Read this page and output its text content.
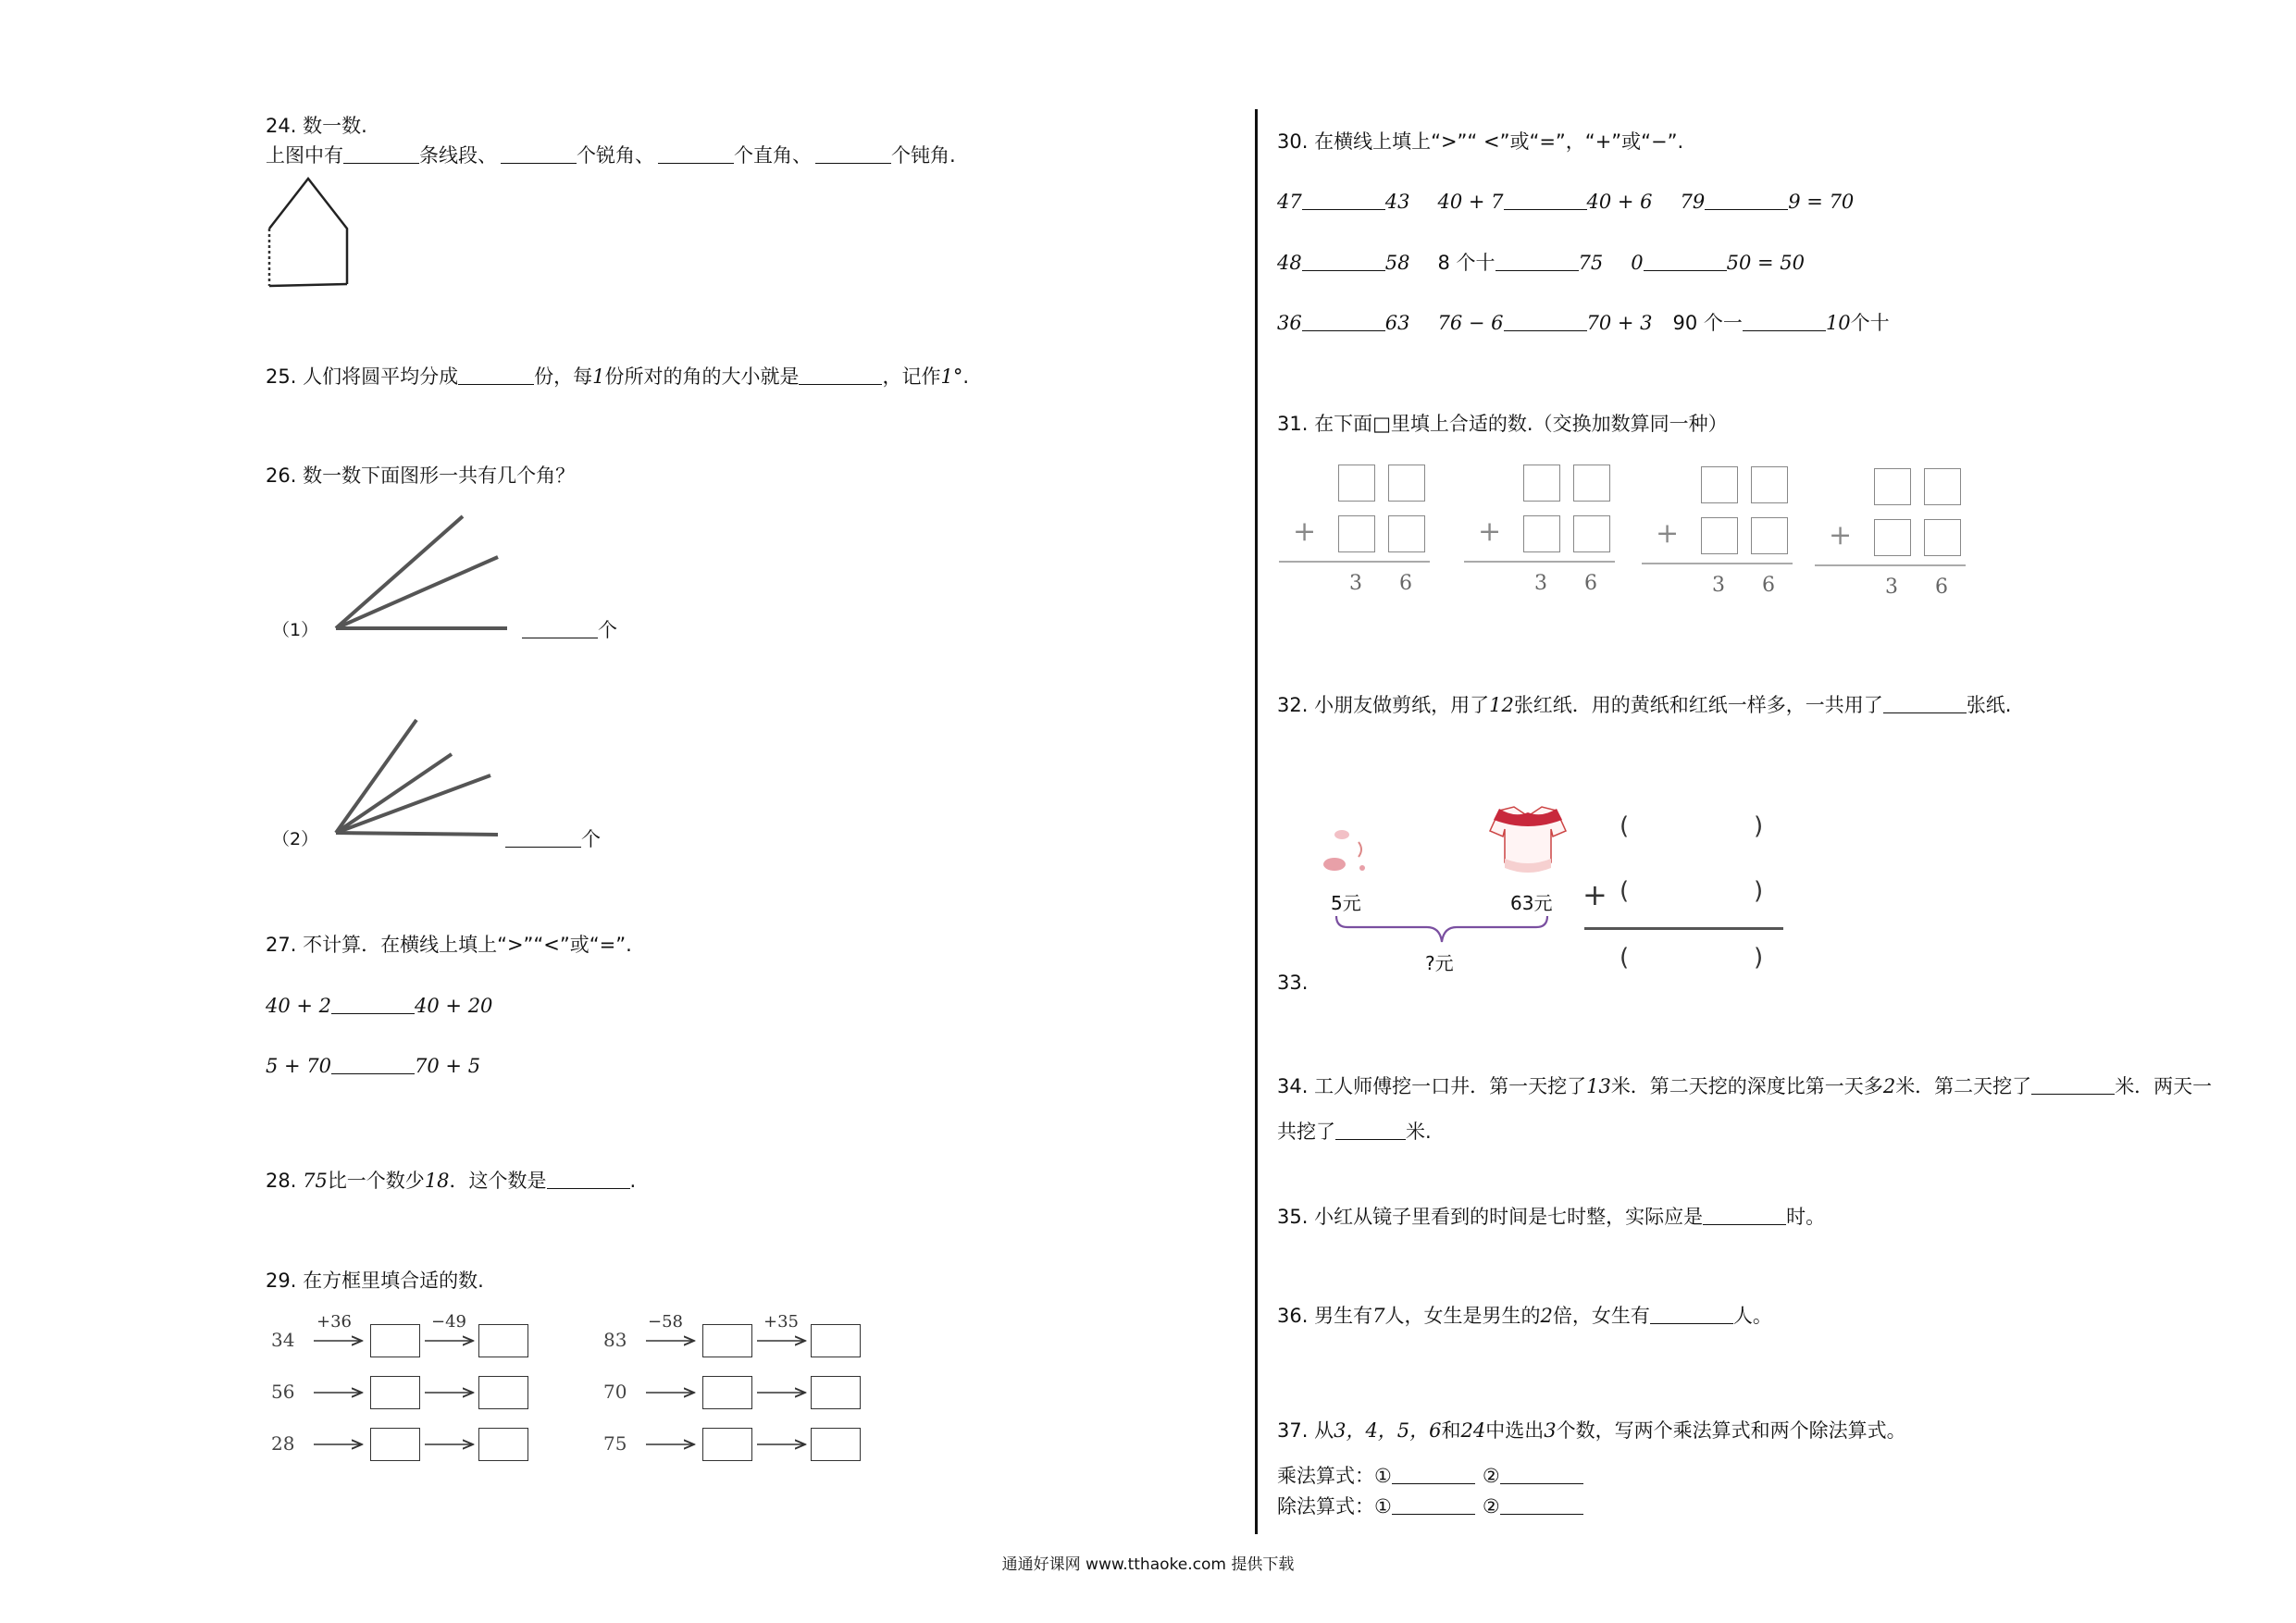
24. 数一数.
上图中有	条线段、	个锐角、	个直角、	个钝角.
25. 人们将圆平均分成	份，每1份所对的角的大小就是	，记作1°.
26. 数一数下面图形一共有几个角？
（1）	个
（2）	个
27. 不计算．在横线上填上“>”“<”或“=”.
40 + 2	40 + 20
5 + 70	70 + 5
28. 75比一个数少18．这个数是	.
29. 在方框里填合适的数.
+36	−49
34
56
28
−58	+35
83
70
75
30. 在横线上填上“>”“ <”或“=”，“+”或“−”.
47	43 40 + 7	40 + 6 79	9 = 70
48	58 8 个十	75 0	50 = 50
36	63 76 − 6	70 + 3 90 个一	10个十
31. 在下面□里填上合适的数.（交换加数算同一种）
+
3 6
+
3 6
+
3 6
+
3 6
32. 小朋友做剪纸，用了12张红纸．用的黄纸和红纸一样多，一共用了	张纸.
33.
5元	63元
?元
(	)
+ (	)
(	)
34. 工人师傅挖一口井．第一天挖了13米．第二天挖的深度比第一天多2米．第二天挖了	米．两天一
共挖了	米.
35. 小红从镜子里看到的时间是七时整，实际应是	时。
36. 男生有7人，女生是男生的2倍，女生有	人。
37. 从3，4，5，6和24中选出3个数，写两个乘法算式和两个除法算式。
乘法算式：①	②
除法算式：①	②
通通好课网 www.tthaoke.com 提供下载
